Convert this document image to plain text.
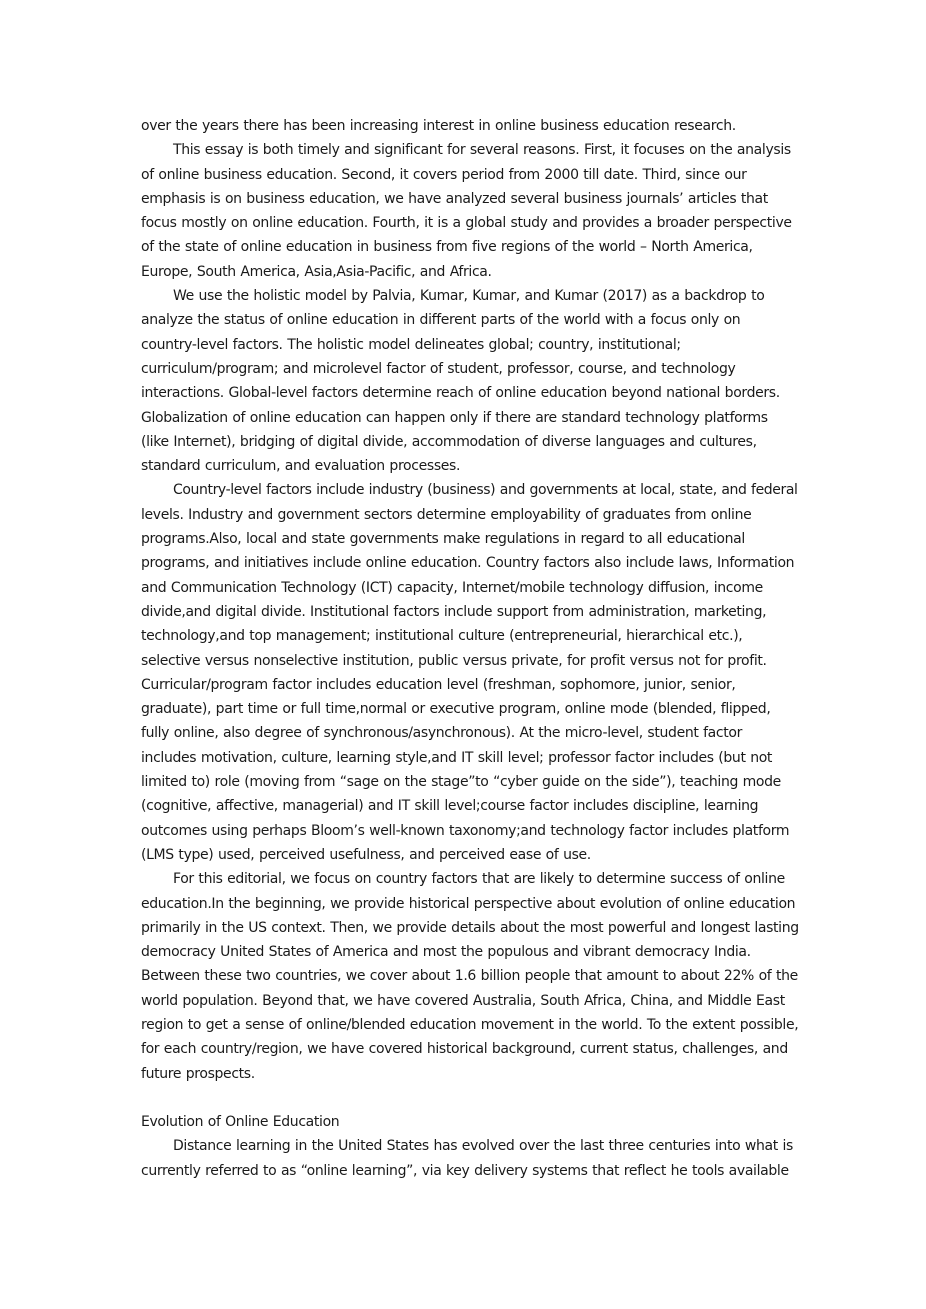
over the years there has been increasing interest in online business education research.
This essay is both timely and significant for several reasons. First, it focuses on the analysis
of online business education. Second, it covers period from 2000 till date. Third, since our
emphasis is on business education, we have analyzed several business journals’ articles that
focus mostly on online education. Fourth, it is a global study and provides a broader perspective
of the state of online education in business from five regions of the world – North America,
Europe, South America, Asia,Asia-Pacific, and Africa.
We use the holistic model by Palvia, Kumar, Kumar, and Kumar (2017) as a backdrop to
analyze the status of online education in different parts of the world with a focus only on
country-level factors. The holistic model delineates global; country, institutional;
curriculum/program; and microlevel factor of student, professor, course, and technology
interactions. Global-level factors determine reach of online education beyond national borders.
Globalization of online education can happen only if there are standard technology platforms
(like Internet), bridging of digital divide, accommodation of diverse languages and cultures,
standard curriculum, and evaluation processes.
Country-level factors include industry (business) and governments at local, state, and federal
levels. Industry and government sectors determine employability of graduates from online
programs.Also, local and state governments make regulations in regard to all educational
programs, and initiatives include online education. Country factors also include laws, Information
and Communication Technology (ICT) capacity, Internet/mobile technology diffusion, income
divide,and digital divide. Institutional factors include support from administration, marketing,
technology,and top management; institutional culture (entrepreneurial, hierarchical etc.),
selective versus nonselective institution, public versus private, for profit versus not for profit.
Curricular/program factor includes education level (freshman, sophomore, junior, senior,
graduate), part time or full time,normal or executive program, online mode (blended, flipped,
fully online, also degree of synchronous/asynchronous). At the micro-level, student factor
includes motivation, culture, learning style,and IT skill level; professor factor includes (but not
limited to) role (moving from “sage on the stage”to “cyber guide on the side”), teaching mode
(cognitive, affective, managerial) and IT skill level;course factor includes discipline, learning
outcomes using perhaps Bloom’s well-known taxonomy;and technology factor includes platform
(LMS type) used, perceived usefulness, and perceived ease of use.
For this editorial, we focus on country factors that are likely to determine success of online
education.In the beginning, we provide historical perspective about evolution of online education
primarily in the US context. Then, we provide details about the most powerful and longest lasting
democracy United States of America and most the populous and vibrant democracy India.
Between these two countries, we cover about 1.6 billion people that amount to about 22% of the
world population. Beyond that, we have covered Australia, South Africa, China, and Middle East
region to get a sense of online/blended education movement in the world. To the extent possible,
for each country/region, we have covered historical background, current status, challenges, and
future prospects.
Evolution of Online Education
Distance learning in the United States has evolved over the last three centuries into what is
currently referred to as “online learning”, via key delivery systems that reflect he tools available
